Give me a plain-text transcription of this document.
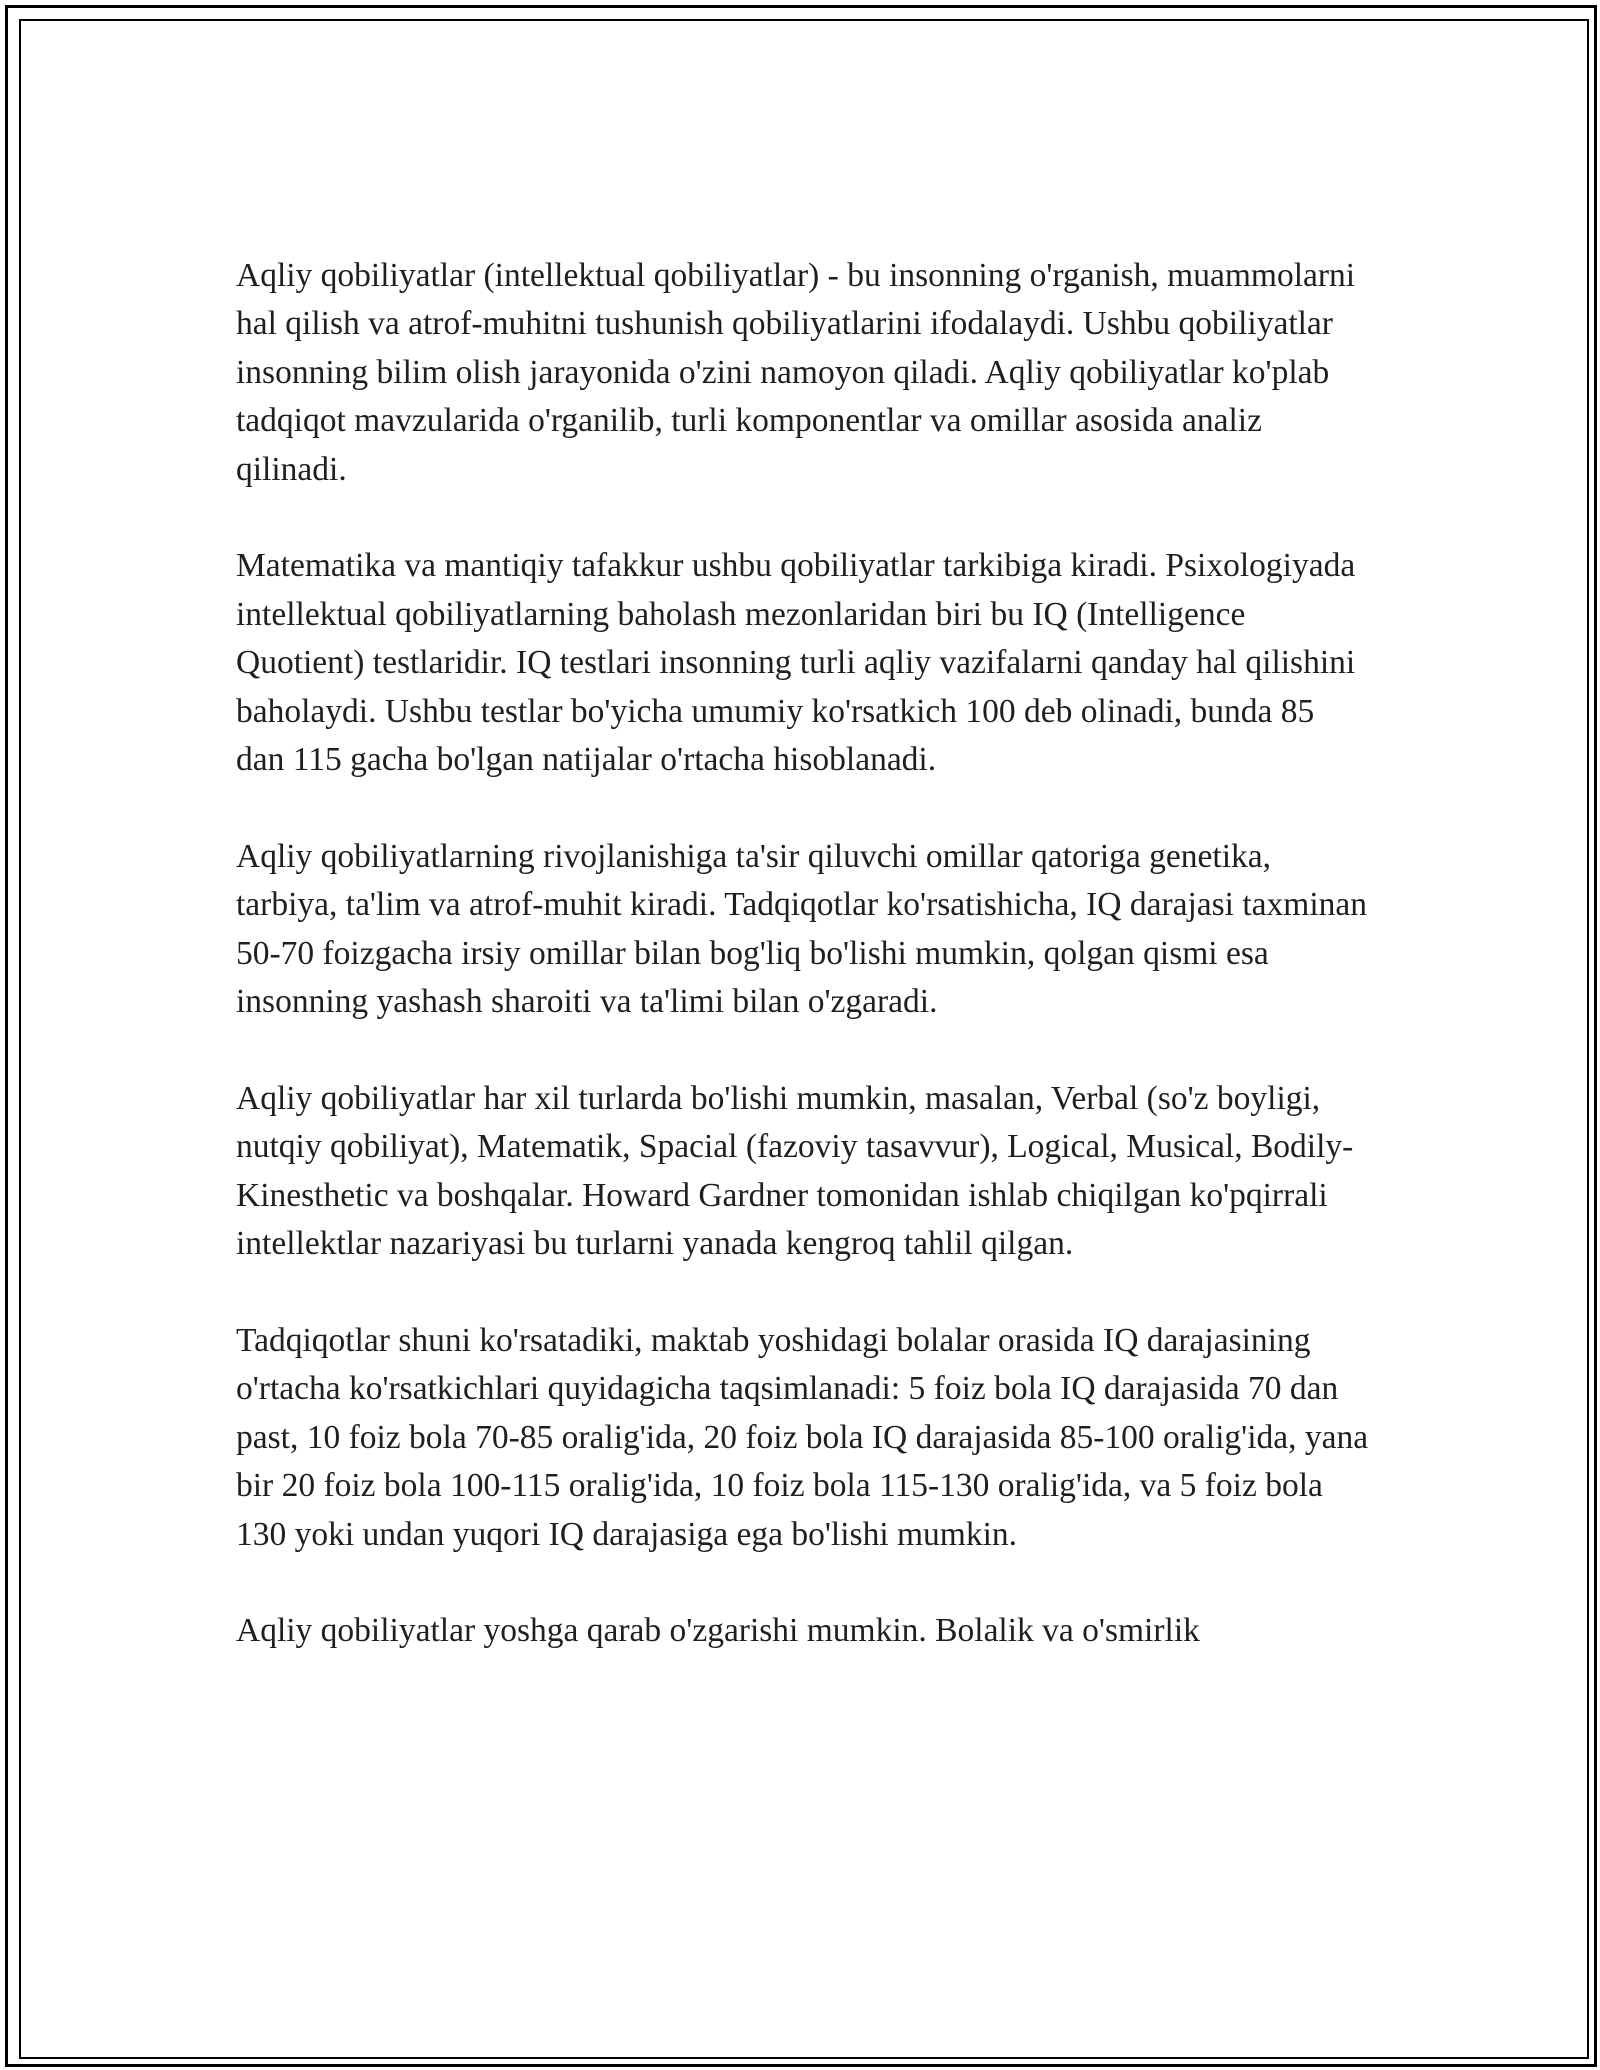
Aqliy qobiliyatlar (intellektual qobiliyatlar) - bu insonning o'rganish, muammolarni hal qilish va atrof-muhitni tushunish qobiliyatlarini ifodalaydi. Ushbu qobiliyatlar insonning bilim olish jarayonida o'zini namoyon qiladi. Aqliy qobiliyatlar ko'plab tadqiqot mavzularida o'rganilib, turli komponentlar va omillar asosida analiz qilinadi.

Matematika va mantiqiy tafakkur ushbu qobiliyatlar tarkibiga kiradi. Psixologiyada intellektual qobiliyatlarning baholash mezonlaridan biri bu IQ (Intelligence Quotient) testlaridir. IQ testlari insonning turli aqliy vazifalarni qanday hal qilishini baholaydi. Ushbu testlar bo'yicha umumiy ko'rsatkich 100 deb olinadi, bunda 85 dan 115 gacha bo'lgan natijalar o'rtacha hisoblanadi.

Aqliy qobiliyatlarning rivojlanishiga ta'sir qiluvchi omillar qatoriga genetika, tarbiya, ta'lim va atrof-muhit kiradi. Tadqiqotlar ko'rsatishicha, IQ darajasi taxminan 50-70 foizgacha irsiy omillar bilan bog'liq bo'lishi mumkin, qolgan qismi esa insonning yashash sharoiti va ta'limi bilan o'zgaradi.

Aqliy qobiliyatlar har xil turlarda bo'lishi mumkin, masalan, Verbal (so'z boyligi, nutqiy qobiliyat), Matematik, Spacial (fazoviy tasavvur), Logical, Musical, Bodily-Kinesthetic va boshqalar. Howard Gardner tomonidan ishlab chiqilgan ko'pqirrali intellektlar nazariyasi bu turlarni yanada kengroq tahlil qilgan.

Tadqiqotlar shuni ko'rsatadiki, maktab yoshidagi bolalar orasida IQ darajasining o'rtacha ko'rsatkichlari quyidagicha taqsimlanadi: 5 foiz bola IQ darajasida 70 dan past, 10 foiz bola 70-85 oralig'ida, 20 foiz bola IQ darajasida 85-100 oralig'ida, yana bir 20 foiz bola 100-115 oralig'ida, 10 foiz bola 115-130 oralig'ida, va 5 foiz bola 130 yoki undan yuqori IQ darajasiga ega bo'lishi mumkin.

Aqliy qobiliyatlar yoshga qarab o'zgarishi mumkin. Bolalik va o'smirlik
